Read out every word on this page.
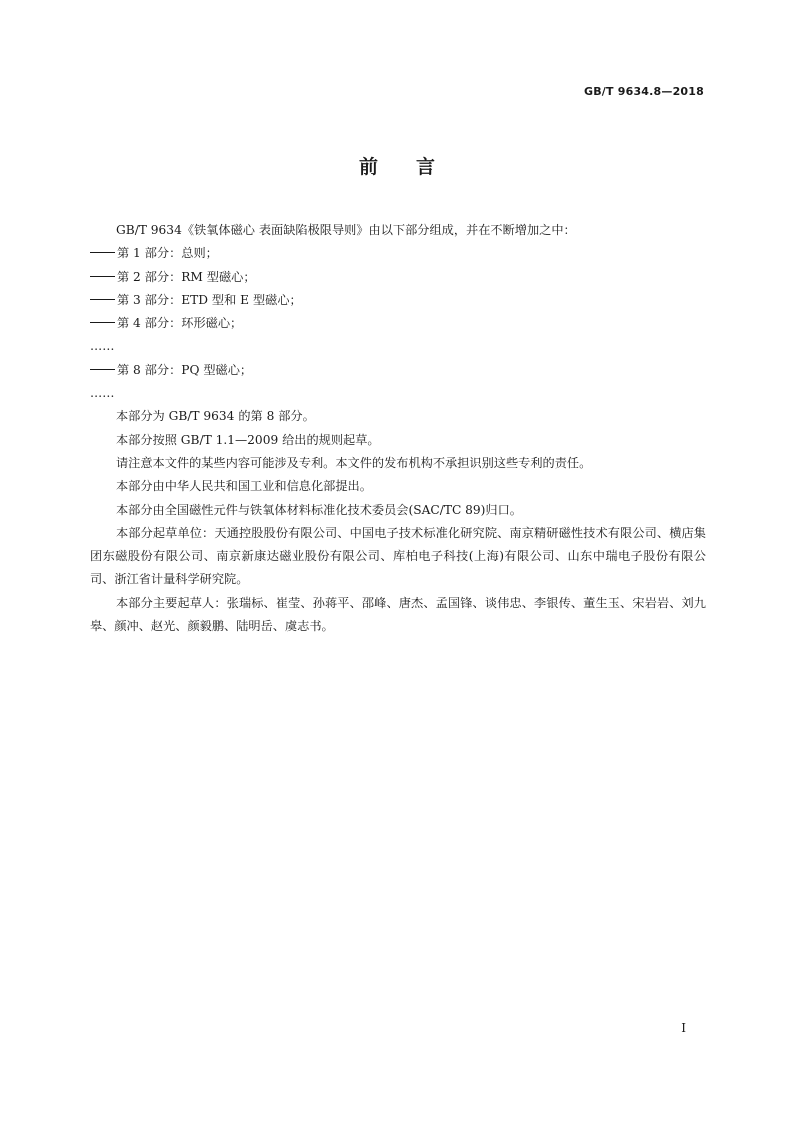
GB/T 9634.8—2018
前言
GB/T 9634《铁氧体磁心 表面缺陷极限导则》由以下部分组成，并在不断增加之中：
第 1 部分：总则；
第 2 部分：RM 型磁心；
第 3 部分：ETD 型和 E 型磁心；
第 4 部分：环形磁心；
……
第 8 部分：PQ 型磁心；
……
本部分为 GB/T 9634 的第 8 部分。
本部分按照 GB/T 1.1—2009 给出的规则起草。
请注意本文件的某些内容可能涉及专利。本文件的发布机构不承担识别这些专利的责任。
本部分由中华人民共和国工业和信息化部提出。
本部分由全国磁性元件与铁氧体材料标准化技术委员会(SAC/TC 89)归口。
本部分起草单位：天通控股股份有限公司、中国电子技术标准化研究院、南京精研磁性技术有限公司、横店集团东磁股份有限公司、南京新康达磁业股份有限公司、库柏电子科技(上海)有限公司、山东中瑞电子股份有限公司、浙江省计量科学研究院。
本部分主要起草人：张瑞标、崔莹、孙蒋平、邵峰、唐杰、孟国锋、谈伟忠、李银传、董生玉、宋岩岩、刘九皋、颜冲、赵光、颜毅鹏、陆明岳、虞志书。
I
